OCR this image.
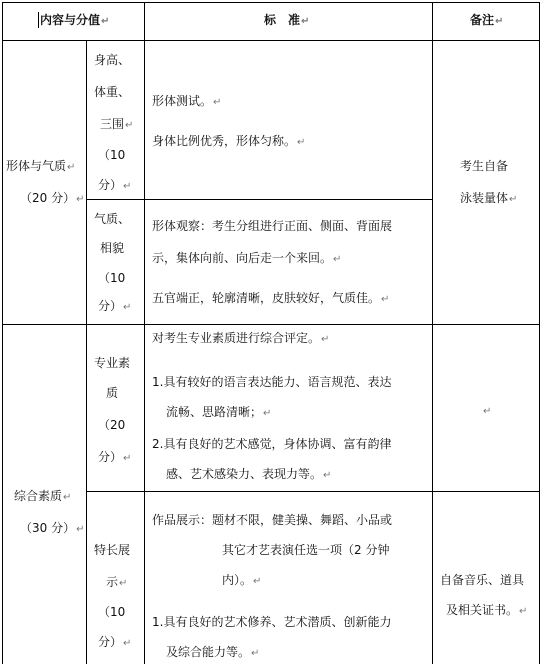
内容与分值↵	标　准↵	备注↵
形体与气质↵
（20 分）↵
身高、
体重、
三围↵
（10
分）↵
形体测试。↵
身体比例优秀，形体匀称。↵
气质、
相貌
（10
分）↵
形体观察：考生分组进行正面、侧面、背面展
示，集体向前、向后走一个来回。↵
五官端正，轮廓清晰，皮肤较好，气质佳。↵
考生自备
泳装量体↵
综合素质↵
（30 分）↵
专业素
质
（20
分）↵
对考生专业素质进行综合评定。↵
1.具有较好的语言表达能力、语言规范、表达
流畅、思路清晰；↵
2.具有良好的艺术感觉，身体协调、富有韵律
感、艺术感染力、表现力等。↵
↵
特长展
示↵
（10
分）↵
作品展示：题材不限，健美操、舞蹈、小品或
其它才艺表演任选一项（2 分钟
内）。↵
1.具有良好的艺术修养、艺术潜质、创新能力
及综合能力等。↵
自备音乐、道具
及相关证书。↵
